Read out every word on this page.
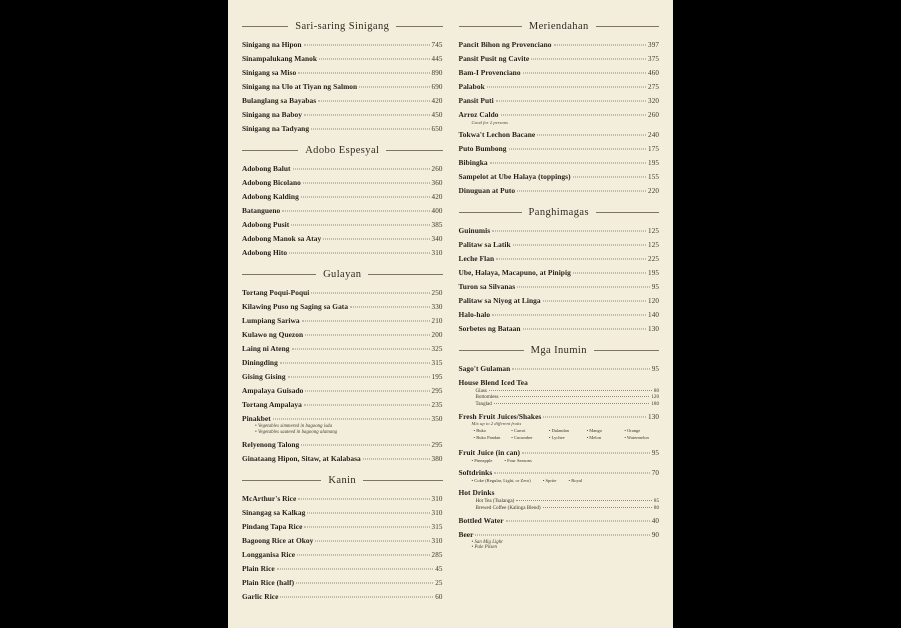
Sari-saring Sinigang
Sinigang na Hipon	745
Sinampalukang Manok	445
Sinigang sa Miso	890
Sinigang na Ulo at Tiyan ng Salmon	690
Bulanglang sa Bayabas	420
Sinigang na Baboy	450
Sinigang na Tadyang	650
Adobo Espesyal
Adobong Balut	260
Adobong Bicolano	360
Adobong Kalding	420
Batangueno	400
Adobong Pusit	385
Adobong Manok sa Atay	340
Adobong Hito	310
Gulayan
Tortang Poqui-Poqui	250
Kilawing Puso ng Saging sa Gata	330
Lumpiang Sariwa	210
Kulawo ng Quezon	200
Laing ni Ateng	325
Diningding	315
Gising Gising	195
Ampalaya Guisado	295
Tortang Ampalaya	235
Pinakbet	350
• Vegetables simmered in bagoong isda
• Vegetables sauteed in bagoong alamang
Relyenong Talong	295
Ginataang Hipon, Sitaw, at Kalabasa	380
Kanin
McArthur's Rice	310
Sinangag sa Kalkag	310
Pindang Tapa Rice	315
Bagoong Rice at Okoy	310
Longganisa Rice	285
Plain Rice	45
Plain Rice (half)	25
Garlic Rice	60
Meriendahan
Pancit Bihon ng Provenciano	397
Pansit Pusit ng Cavite	375
Bam-I Provenciano	460
Palabok	275
Pansit Puti	320
Arroz Caldo	260
Good for 2 persons
Tokwa't Lechon Bacane	240
Puto Bumbong	175
Bibingka	195
Sampelot at Ube Halaya (toppings)	155
Dinuguan at Puto	220
Panghimagas
Guinumis	125
Palitaw sa Latik	125
Leche Flan	225
Ube, Halaya, Macapuno, at Pinipig	195
Turon sa Silvanas	95
Palitaw sa Niyog at Linga	120
Halo-halo	140
Sorbetes ng Bataan	130
Mga Inumin
Sago't Gulaman	95
House Blend Iced Tea
Glass	80
Bottomless	120
Tanglad	180
Fresh Fruit Juices/Shakes	130
Mix up to 2 different fruits
• Buko
• Buko Pandan
• Carrot
• Cucumber
• Dalandan
• Lychee
• Mango
• Melon
• Orange
• Watermelon
Fruit Juice (in can)	95
• Pineapple	• Four Seasons
Softdrinks	70
• Coke (Regular, Light, or Zero)	• Sprite	• Royal
Hot Drinks
Hot Tea (Tsalanga)	85
Brewed Coffee (Kalinga Blend)	80
Bottled Water	40
Beer	90
• San Mig Light
• Pale Pilsen
